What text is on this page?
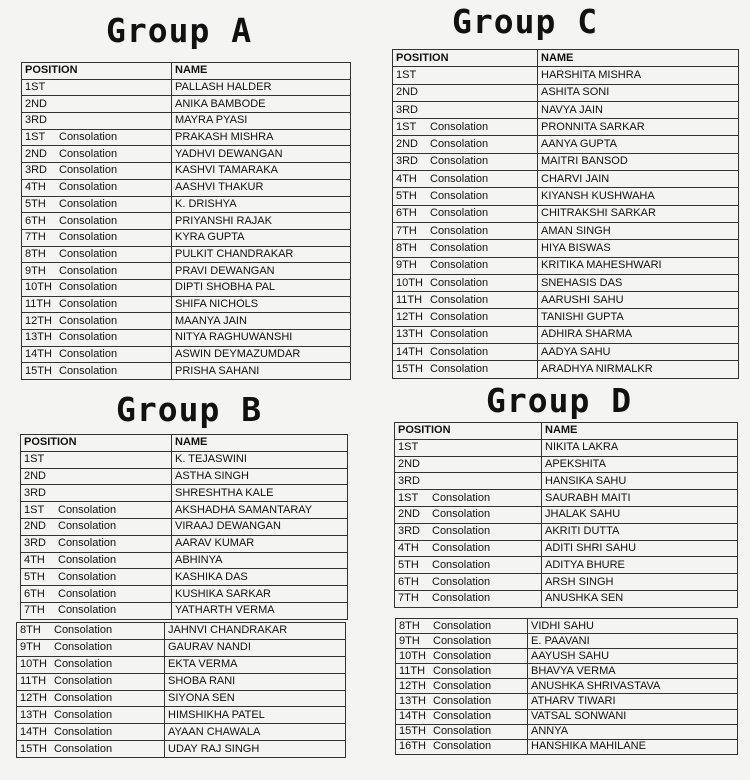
Group A	Group C
Group B	Group D
POSITION	NAME
1ST	PALLASH HALDER
2ND	ANIKA BAMBODE
3RD	MAYRA PYASI
1ST Consolation	PRAKASH MISHRA
2ND Consolation	YADHVI DEWANGAN
3RD Consolation	KASHVI TAMARAKA
4TH Consolation	AASHVI THAKUR
5TH Consolation	K. DRISHYA
6TH Consolation	PRIYANSHI RAJAK
7TH Consolation	KYRA GUPTA
8TH Consolation	PULKIT CHANDRAKAR
9TH Consolation	PRAVI DEWANGAN
10TH Consolation	DIPTI SHOBHA PAL
11TH Consolation	SHIFA NICHOLS
12TH Consolation	MAANYA JAIN
13TH Consolation	NITYA RAGHUWANSHI
14TH Consolation	ASWIN DEYMAZUMDAR
15TH Consolation	PRISHA SAHANI
POSITION	NAME
1ST	HARSHITA MISHRA
2ND	ASHITA SONI
3RD	NAVYA JAIN
1ST Consolation	PRONNITA SARKAR
2ND Consolation	AANYA GUPTA
3RD Consolation	MAITRI BANSOD
4TH Consolation	CHARVI JAIN
5TH Consolation	KIYANSH KUSHWAHA
6TH Consolation	CHITRAKSHI SARKAR
7TH Consolation	AMAN SINGH
8TH Consolation	HIYA BISWAS
9TH Consolation	KRITIKA MAHESHWARI
10TH Consolation	SNEHASIS DAS
11TH Consolation	AARUSHI SAHU
12TH Consolation	TANISHI GUPTA
13TH Consolation	ADHIRA SHARMA
14TH Consolation	AADYA SAHU
15TH Consolation	ARADHYA NIRMALKR
POSITION	NAME
1ST	K. TEJASWINI
2ND	ASTHA SINGH
3RD	SHRESHTHA KALE
1ST Consolation	AKSHADHA SAMANTARAY
2ND Consolation	VIRAAJ DEWANGAN
3RD Consolation	AARAV KUMAR
4TH Consolation	ABHINYA
5TH Consolation	KASHIKA DAS
6TH Consolation	KUSHIKA SARKAR
7TH Consolation	YATHARTH VERMA
8TH Consolation	JAHNVI CHANDRAKAR
9TH Consolation	GAURAV NANDI
10TH Consolation	EKTA VERMA
11TH Consolation	SHOBA RANI
12TH Consolation	SIYONA SEN
13TH Consolation	HIMSHIKHA PATEL
14TH Consolation	AYAAN CHAWALA
15TH Consolation	UDAY RAJ SINGH
POSITION	NAME
1ST	NIKITA LAKRA
2ND	APEKSHITA
3RD	HANSIKA SAHU
1ST Consolation	SAURABH MAITI
2ND Consolation	JHALAK SAHU
3RD Consolation	AKRITI DUTTA
4TH Consolation	ADITI SHRI SAHU
5TH Consolation	ADITYA BHURE
6TH Consolation	ARSH SINGH
7TH Consolation	ANUSHKA SEN
8TH Consolation	VIDHI SAHU
9TH Consolation	E. PAAVANI
10TH Consolation	AAYUSH SAHU
11TH Consolation	BHAVYA VERMA
12TH Consolation	ANUSHKA SHRIVASTAVA
13TH Consolation	ATHARV TIWARI
14TH Consolation	VATSAL SONWANI
15TH Consolation	ANNYA
16TH Consolation	HANSHIKA MAHILANE
